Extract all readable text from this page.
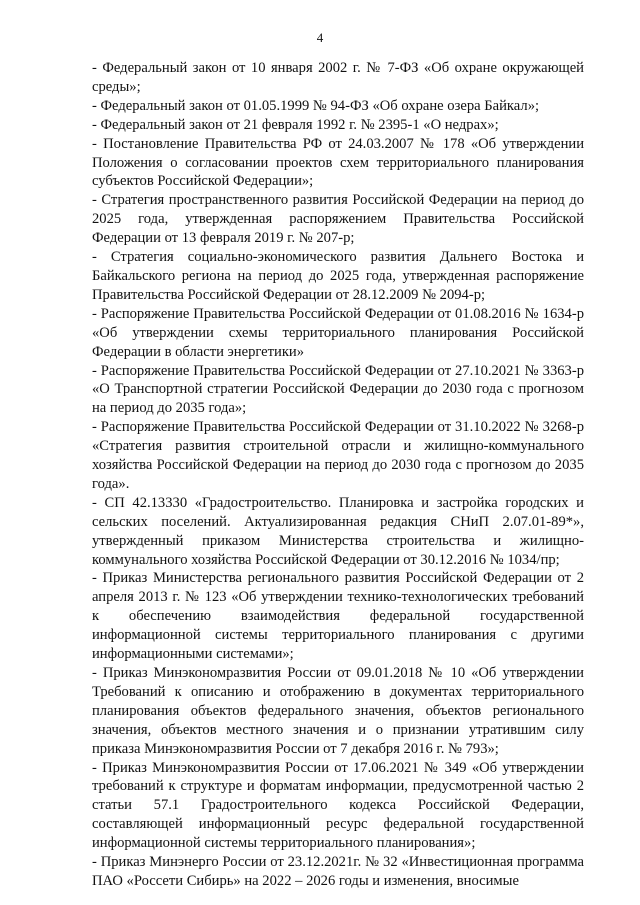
4

- Федеральный закон от 10 января 2002 г. № 7-ФЗ «Об охране окружающей среды»;

- Федеральный закон от 01.05.1999 № 94-ФЗ «Об охране озера Байкал»;

- Федеральный закон от 21 февраля 1992 г. № 2395-1 «О недрах»;

- Постановление Правительства РФ от 24.03.2007 № 178 «Об утверждении Положения о согласовании проектов схем территориального планирования субъектов Российской Федерации»;

- Стратегия пространственного развития Российской Федерации на период до 2025 года, утвержденная распоряжением Правительства Российской Федерации от 13 февраля 2019 г. № 207-р;

- Стратегия социально-экономического развития Дальнего Востока и Байкальского региона на период до 2025 года, утвержденная распоряжение Правительства Российской Федерации от 28.12.2009 № 2094-р;

- Распоряжение Правительства Российской Федерации от 01.08.2016 № 1634-р «Об утверждении схемы территориального планирования Российской Федерации в области энергетики»

- Распоряжение Правительства Российской Федерации от 27.10.2021 № 3363-р «О Транспортной стратегии Российской Федерации до 2030 года с прогнозом на период до 2035 года»;

- Распоряжение Правительства Российской Федерации от 31.10.2022 № 3268-р «Стратегия развития строительной отрасли и жилищно-коммунального хозяйства Российской Федерации на период до 2030 года с прогнозом до 2035 года».

- СП 42.13330 «Градостроительство. Планировка и застройка городских и сельских поселений. Актуализированная редакция СНиП 2.07.01-89*», утвержденный приказом Министерства строительства и жилищно-коммунального хозяйства Российской Федерации от 30.12.2016 № 1034/пр;

- Приказ Министерства регионального развития Российской Федерации от 2 апреля 2013 г. № 123 «Об утверждении технико-технологических требований к обеспечению взаимодействия федеральной государственной информационной системы территориального планирования с другими информационными системами»;

- Приказ Минэкономразвития России от 09.01.2018 № 10 «Об утверждении Требований к описанию и отображению в документах территориального планирования объектов федерального значения, объектов регионального значения, объектов местного значения и о признании утратившим силу приказа Минэкономразвития России от 7 декабря 2016 г. № 793»;

- Приказ Минэкономразвития России от 17.06.2021 № 349 «Об утверждении требований к структуре и форматам информации, предусмотренной частью 2 статьи 57.1 Градостроительного кодекса Российской Федерации, составляющей информационный ресурс федеральной государственной информационной системы территориального планирования»;

- Приказ Минэнерго России от 23.12.2021г. № 32 «Инвестиционная программа ПАО «Россети Сибирь» на 2022 – 2026 годы и изменения, вносимые
